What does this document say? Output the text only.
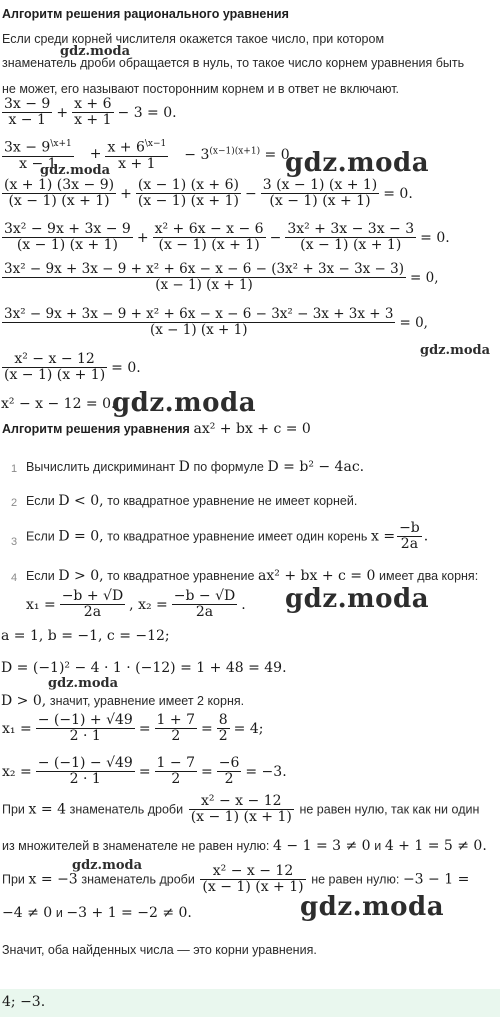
Алгоритм решения рационального уравнения
Если среди корней числителя окажется такое число, при котором
знаменатель дроби обращается в нуль, то такое число корнем уравнения быть
не может, его называют посторонним корнем и в ответ не включают.
$\frac{3x - 9}{x - 1} + \frac{x + 6}{x + 1} - 3 = 0$.
$\frac{3x - 9^{\backslash x+1}}{x - 1} + \frac{x + 6^{\backslash x-1}}{x + 1} - 3^{(x-1)(x+1)} = 0$.
$\frac{(x + 1) (3x - 9)}{(x - 1) (x + 1)} + \frac{(x - 1) (x + 6)}{(x - 1) (x + 1)} - \frac{3 (x - 1) (x + 1)}{(x - 1) (x + 1)} = 0$.
$\frac{\text{3x² − 9x + 3x − 9}}{(x - 1) (x + 1)} + \frac{\text{x² + 6x − x − 6}}{(x - 1) (x + 1)} - \frac{\text{3x² + 3x − 3x − 3}}{(x - 1) (x + 1)} = 0$.
$\frac{\text{3x² − 9x + 3x − 9 + x² + 6x − x − 6 − (3x² + 3x − 3x − 3)}}{(x - 1) (x + 1)} = 0$,
$\frac{\text{3x² − 9x + 3x − 9 + x² + 6x − x − 6 − 3x² − 3x + 3x + 3}}{(x - 1) (x + 1)} = 0$,
$\frac{\text{x² − x − 12}}{(x - 1) (x + 1)} = 0$.
x² − x − 12 = 0.
Алгоритм решения уравнения ax² + bx + c = 0
1 Вычислить дискриминант D по формуле D = b² − 4ac.
2 Если D < 0, то квадратное уравнение не имеет корней.
3 Если D = 0, то квадратное уравнение имеет один корень $x = \frac{-b}{2a}$ .
4 Если D > 0, то квадратное уравнение ax² + bx + c = 0 имеет два корня:
$x_1 = \frac{-b + √D}{2a}$ , $x_2 = \frac{-b - √D}{2a}$ .
a = 1, b = −1, c = −12;
D = (−1)² − 4 · 1 · (−12) = 1 + 48 = 49.
D > 0, значит, уравнение имеет 2 корня.
$x_1 = \frac{- (-1) + √49}{2 \cdot 1} = \frac{1 + 7}{2} = \frac{8}{2} = 4$;
$x_2 = \frac{- (-1) - √49}{2 \cdot 1} = \frac{1 - 7}{2} = \frac{-6}{2} = -3$.
При x = 4 знаменатель дроби $\frac{\text{x² − x − 12}}{(x - 1) (x + 1)}$ не равен нулю, так как ни один
из множителей в знаменателе не равен нулю: 4 − 1 = 3 ≠ 0 и 4 + 1 = 5 ≠ 0.
При x = −3 знаменатель дроби $\frac{\text{x² − x − 12}}{(x - 1) (x + 1)}$ не равен нулю: −3 − 1 =
−4 ≠ 0 и −3 + 1 = −2 ≠ 0.
Значит, оба найденных числа — это корни уравнения.
4; −3.
gdz.moda
gdz.moda	gdz.moda
gdz.moda
gdz.moda
gdz.moda
gdz.moda
gdz.moda
gdz.moda
